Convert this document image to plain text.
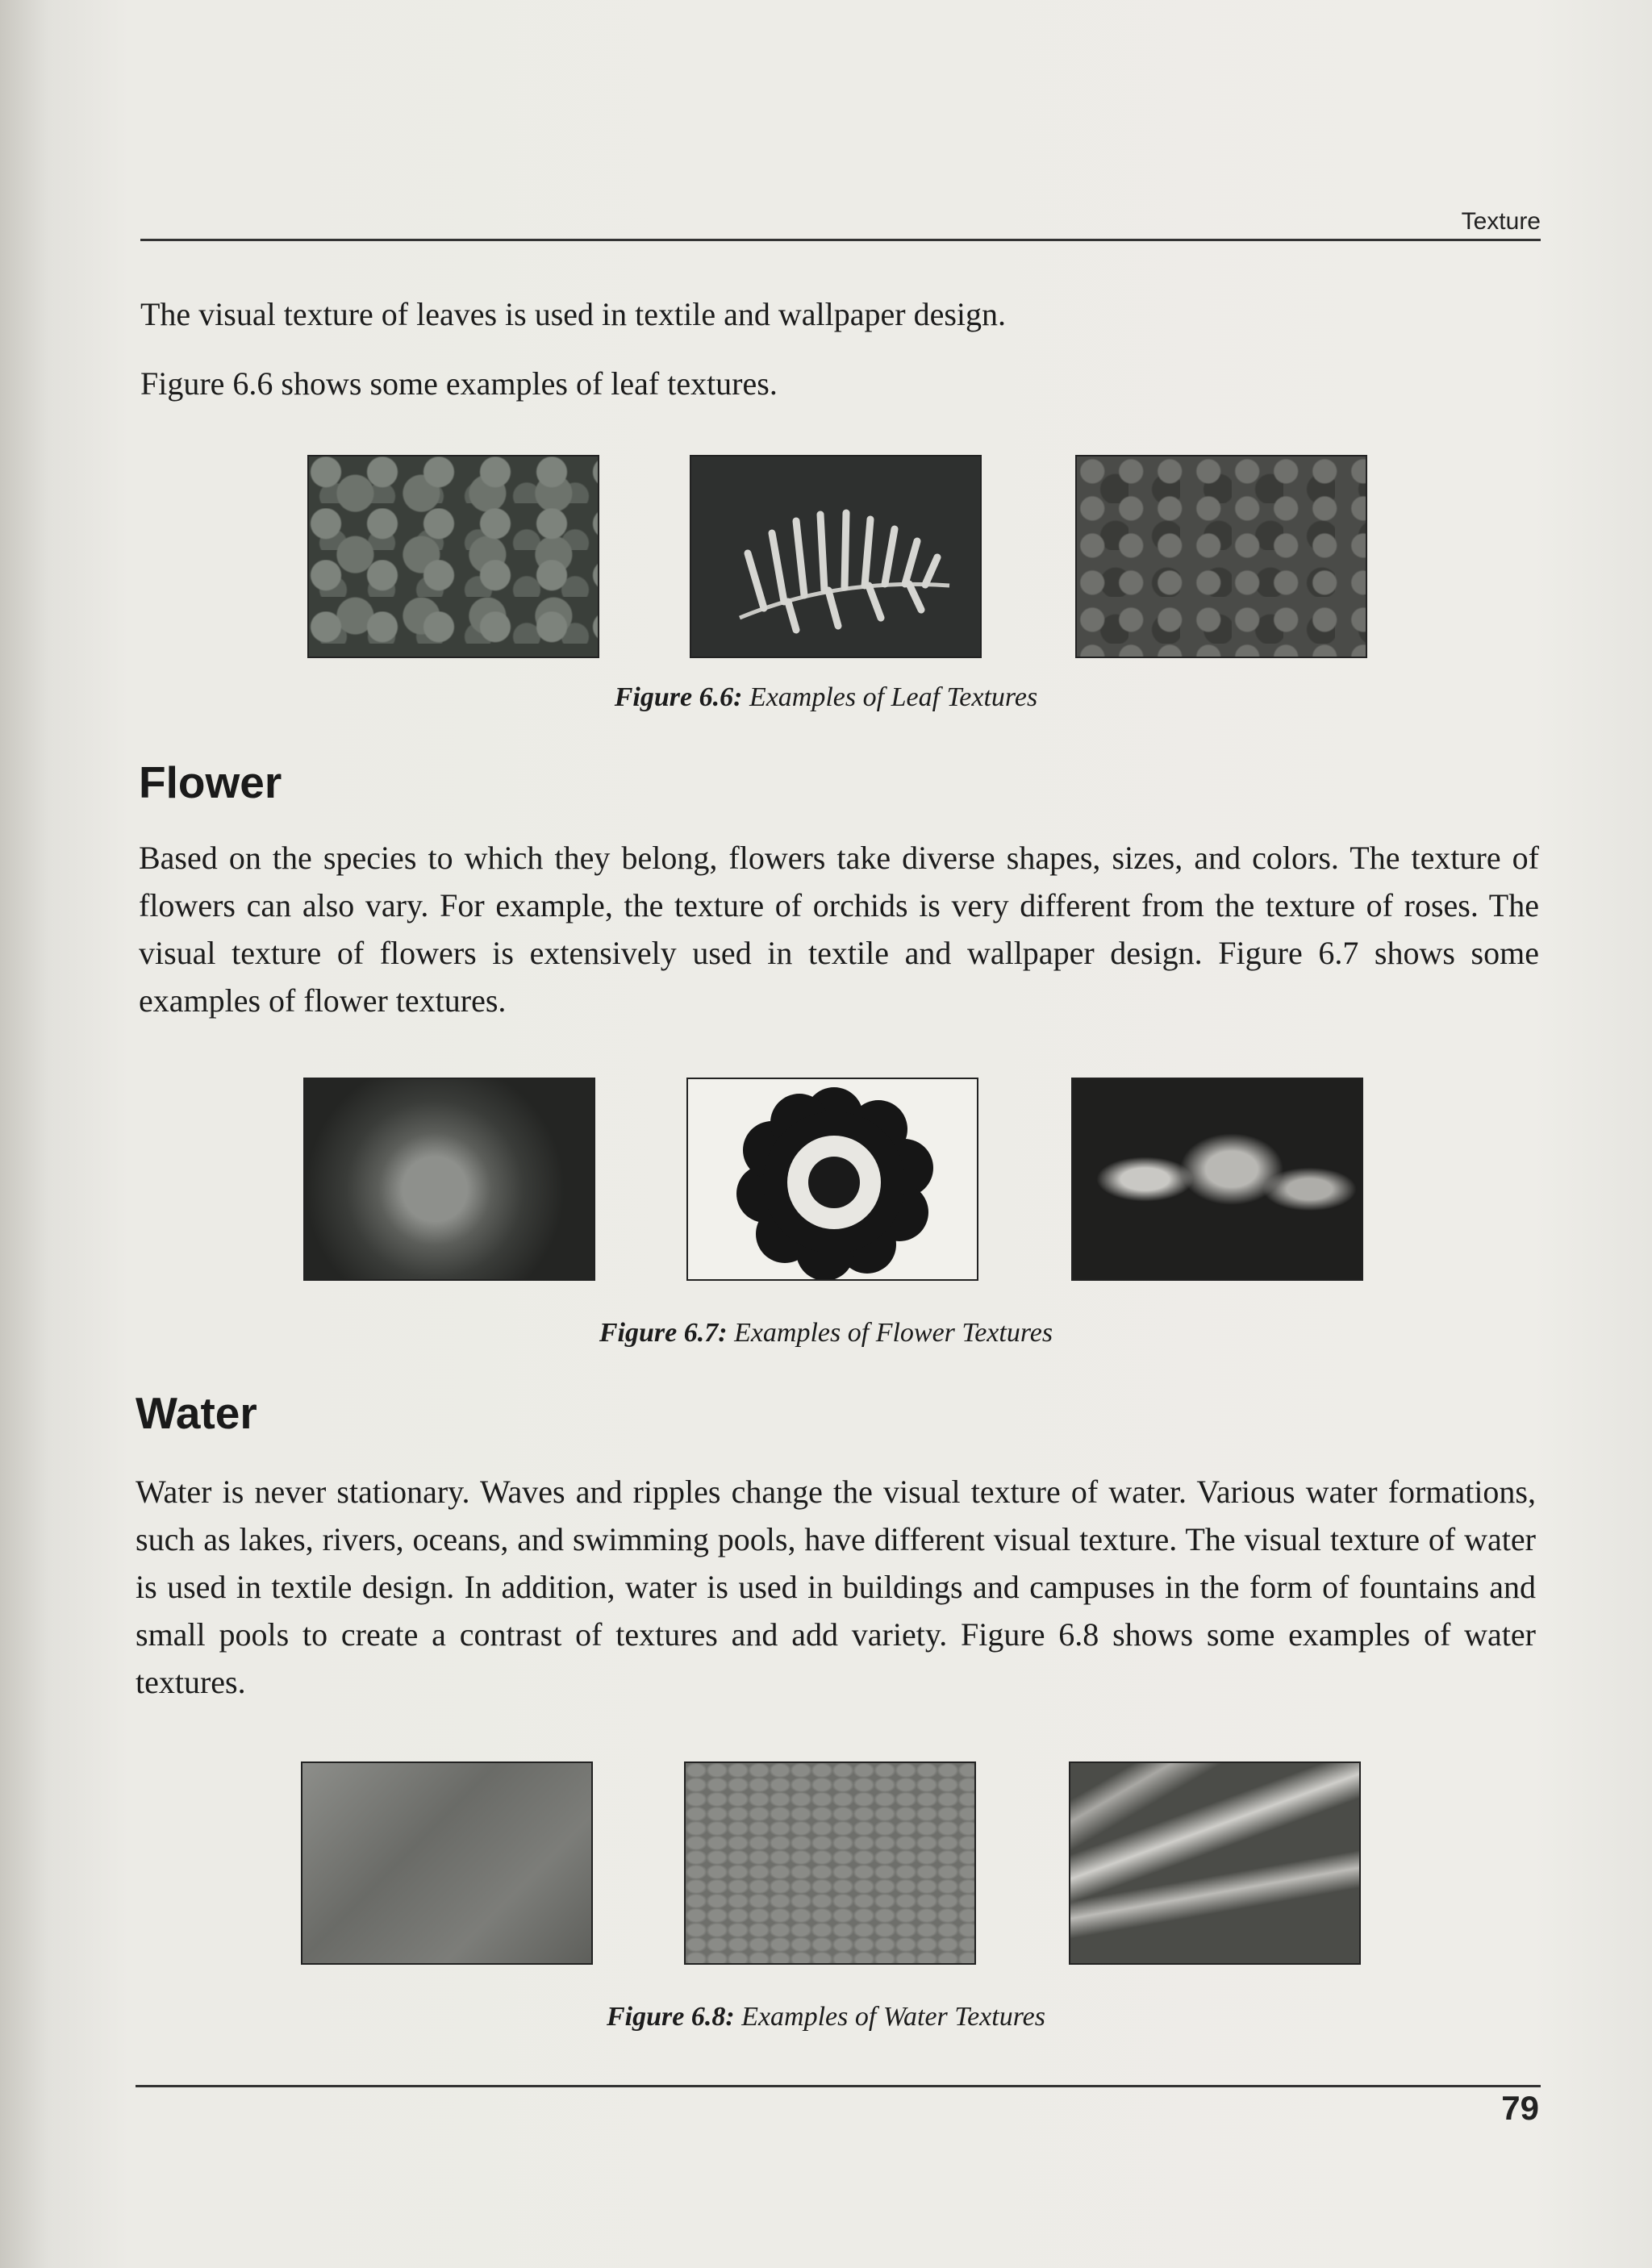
Texture

The visual texture of leaves is used in textile and wallpaper design.

Figure 6.6 shows some examples of leaf textures.

Figure 6.6: Examples of Leaf Textures

Flower

Based on the species to which they belong, flowers take diverse shapes, sizes, and colors. The texture of flowers can also vary. For example, the texture of orchids is very different from the texture of roses. The visual texture of flowers is extensively used in textile and wallpaper design. Figure 6.7 shows some examples of flower textures.

Figure 6.7: Examples of Flower Textures

Water

Water is never stationary. Waves and ripples change the visual texture of water. Various water formations, such as lakes, rivers, oceans, and swimming pools, have different visual texture. The visual texture of water is used in textile design. In addition, water is used in buildings and campuses in the form of fountains and small pools to create a contrast of textures and add variety. Figure 6.8 shows some examples of water textures.

Figure 6.8: Examples of Water Textures

79
